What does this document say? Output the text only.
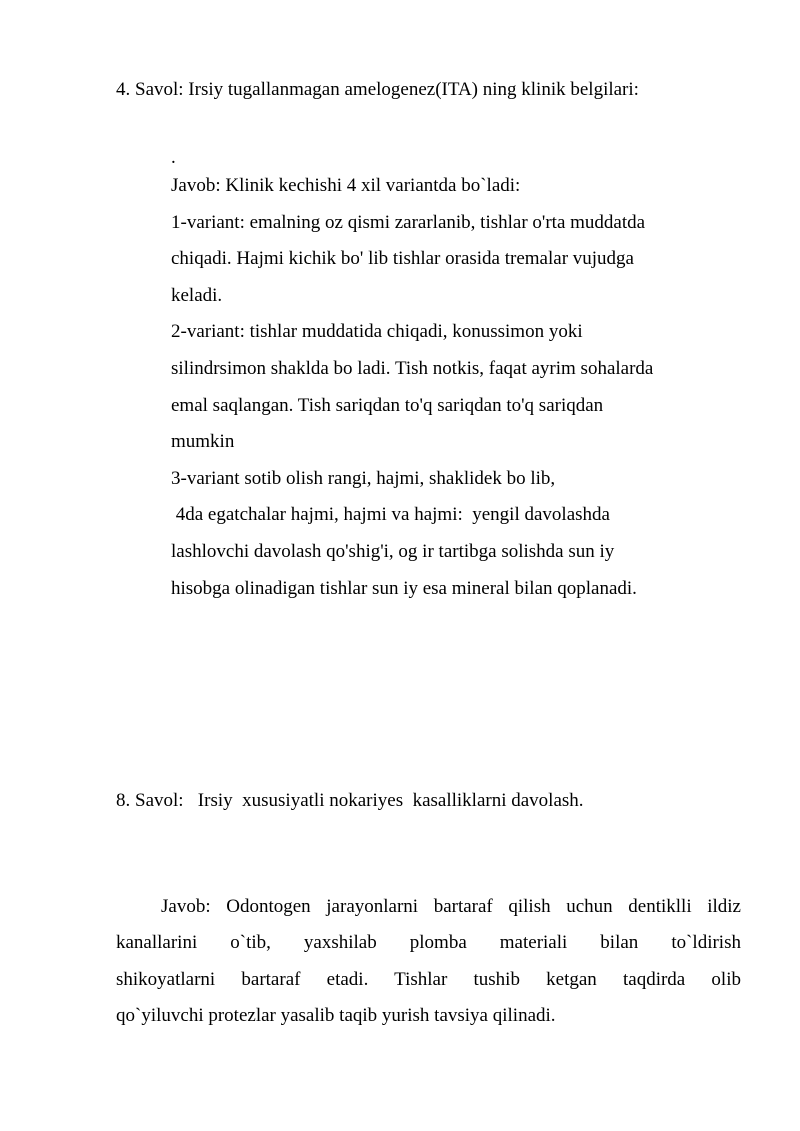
4. Savol: Irsiy tugallanmagan amelogenez(ITA) ning klinik belgilari:
.
Javob: Klinik kechishi 4 xil variantda bo`ladi:
1-variant: emalning oz qismi zararlanib, tishlar o'rta muddatda
chiqadi. Hajmi kichik bo' lib tishlar orasida tremalar vujudga
keladi.
2-variant: tishlar muddatida chiqadi, konussimon yoki
silindrsimon shaklda bo ladi. Tish notkis, faqat ayrim sohalarda
emal saqlangan. Tish sariqdan to'q sariqdan to'q sariqdan
mumkin
3-variant sotib olish rangi, hajmi, shaklidek bo lib,
4da egatchalar hajmi, hajmi va hajmi:  yengil davolashda
lashlovchi davolash qo'shig'i, og ir tartibga solishda sun iy
hisobga olinadigan tishlar sun iy esa mineral bilan qoplanadi.
8. Savol:   Irsiy  xususiyatli nokariyes  kasalliklarni davolash.
Javob: Odontogen jarayonlarni bartaraf qilish uchun dentiklli ildiz
kanallarini o`tib, yaxshilab plomba materiali bilan to`ldirish
shikoyatlarni bartaraf etadi. Tishlar tushib ketgan taqdirda olib
qo`yiluvchi protezlar yasalib taqib yurish tavsiya qilinadi.
